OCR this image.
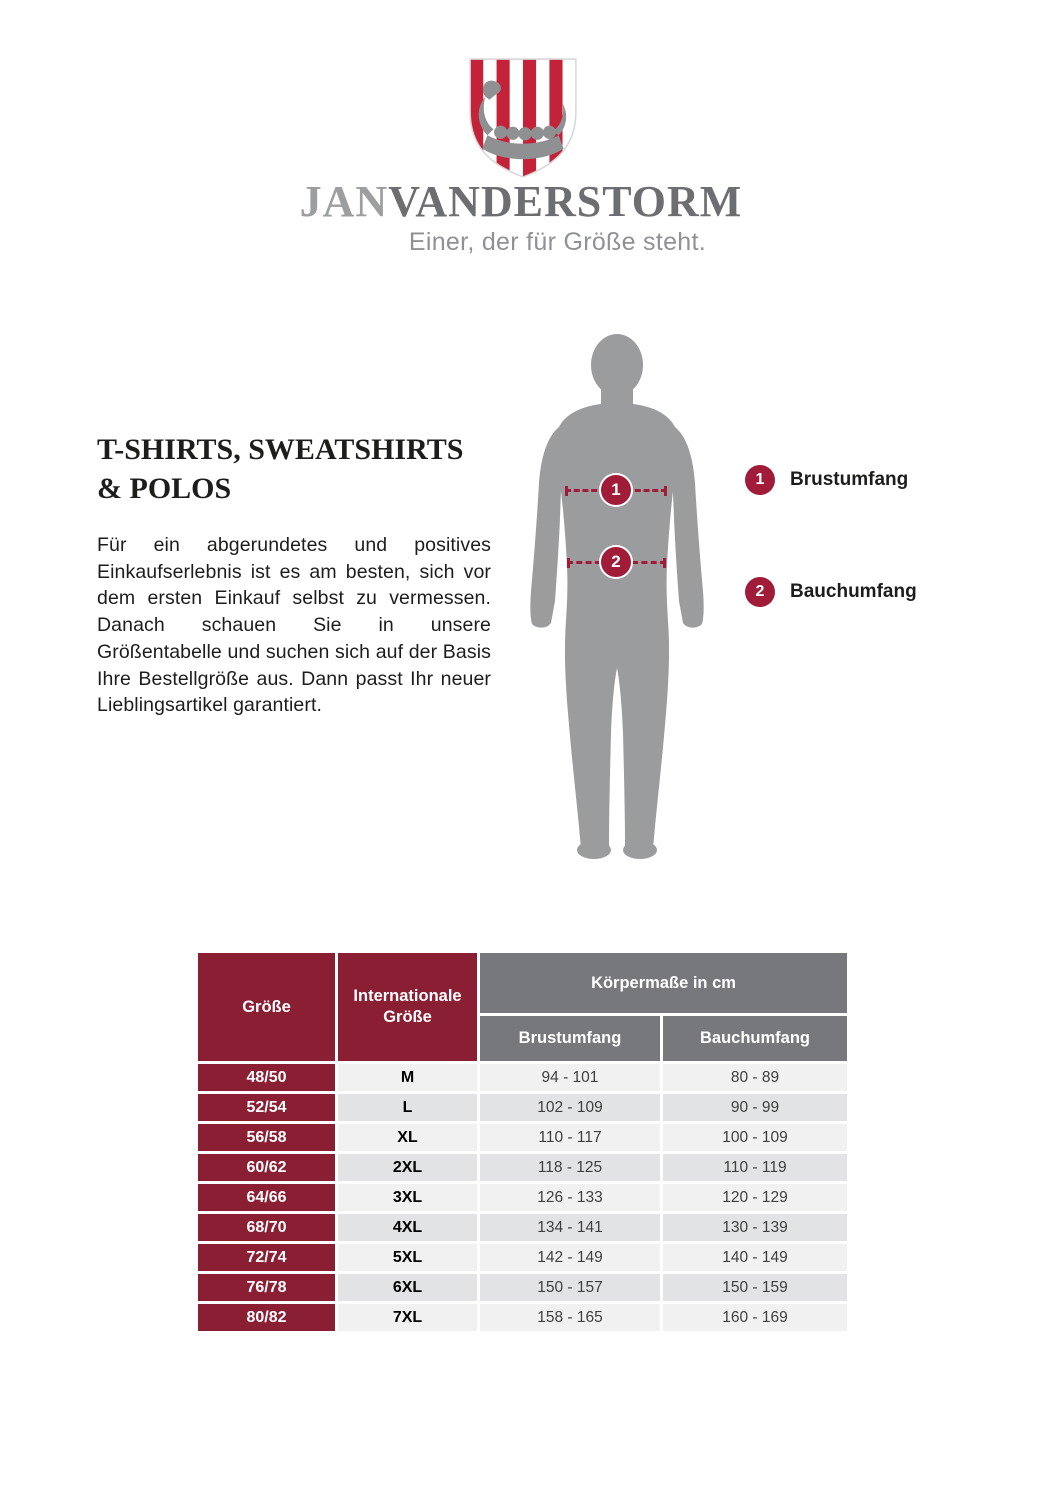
JANVANDERSTORM
Einer, der für Größe steht.
T-SHIRTS, SWEATSHIRTS
& POLOS

Für ein abgerundetes und positives Einkaufserlebnis ist es am besten, sich vor dem ersten Einkauf selbst zu vermessen. Danach schauen Sie in unsere Größentabelle und suchen sich auf der Basis Ihre Bestellgröße aus. Dann passt Ihr neuer Lieblingsartikel garantiert.

1
2
1	Brustumfang
2	Bauchumfang
Größe	Internationale Größe	Körpermaße in cm	
		Brustumfang	Bauchumfang
48/50	M	94 - 101	80 - 89
52/54	L	102 - 109	90 - 99
56/58	XL	110 - 117	100 - 109
60/62	2XL	118 - 125	110 - 119
64/66	3XL	126 - 133	120 - 129
68/70	4XL	134 - 141	130 - 139
72/74	5XL	142 - 149	140 - 149
76/78	6XL	150 - 157	150 - 159
80/82	7XL	158 - 165	160 - 169
